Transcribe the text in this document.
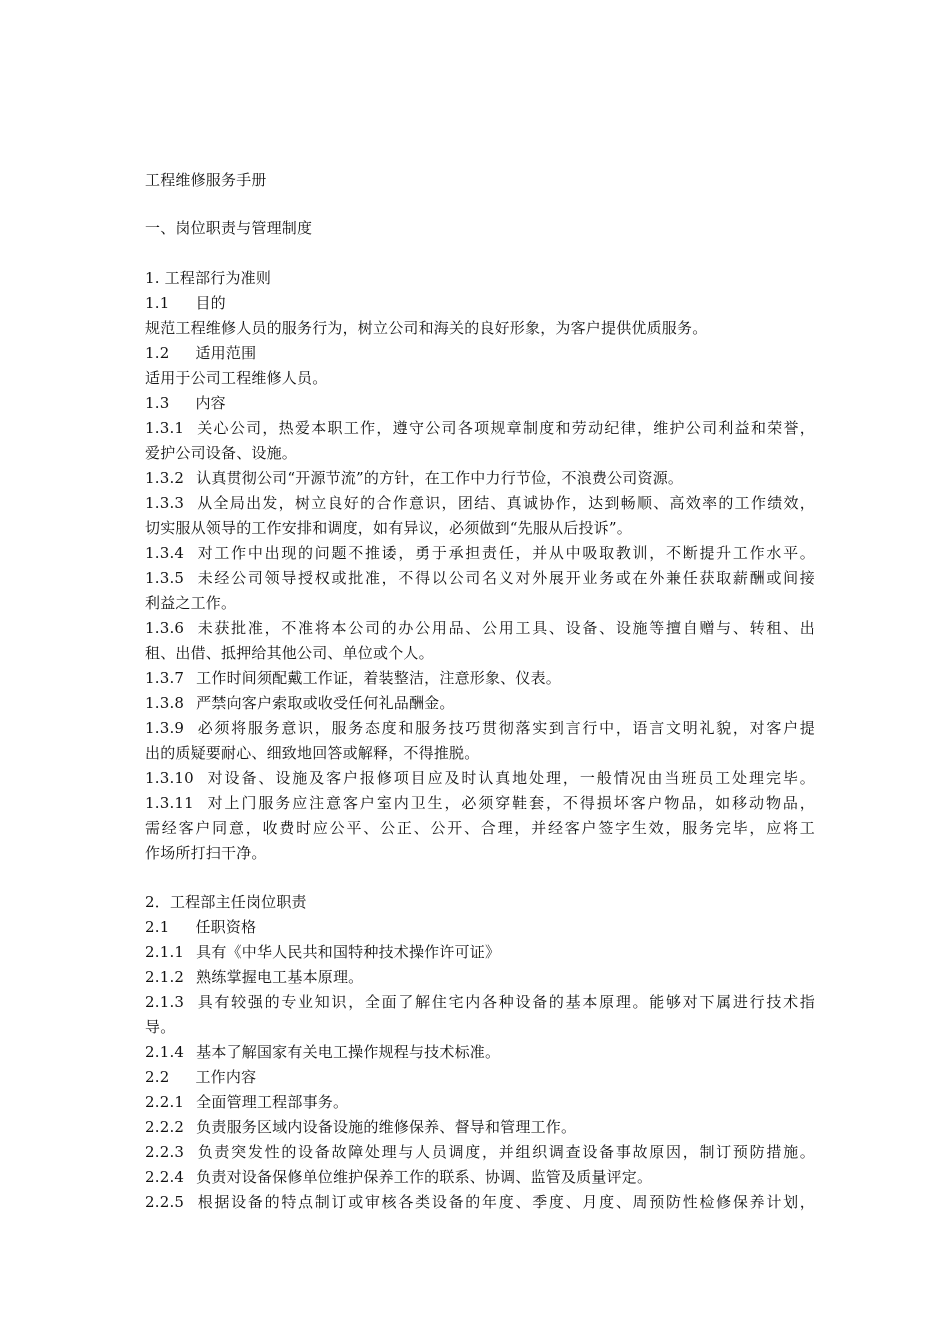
工程维修服务手册
一、岗位职责与管理制度
1. 工程部行为准则
1.1 目的
规范工程维修人员的服务行为，树立公司和海关的良好形象，为客户提供优质服务。
1.2 适用范围
适用于公司工程维修人员。
1.3 内容
1.3.1 关心公司，热爱本职工作，遵守公司各项规章制度和劳动纪律，维护公司利益和荣誉，
爱护公司设备、设施。
1.3.2 认真贯彻公司“开源节流”的方针，在工作中力行节俭，不浪费公司资源。
1.3.3 从全局出发，树立良好的合作意识，团结、真诚协作，达到畅顺、高效率的工作绩效，
切实服从领导的工作安排和调度，如有异议，必须做到“先服从后投诉”。
1.3.4 对工作中出现的问题不推诿，勇于承担责任，并从中吸取教训，不断提升工作水平。
1.3.5 未经公司领导授权或批准，不得以公司名义对外展开业务或在外兼任获取薪酬或间接
利益之工作。
1.3.6 未获批准，不准将本公司的办公用品、公用工具、设备、设施等擅自赠与、转租、出
租、出借、抵押给其他公司、单位或个人。
1.3.7 工作时间须配戴工作证，着装整洁，注意形象、仪表。
1.3.8 严禁向客户索取或收受任何礼品酬金。
1.3.9 必须将服务意识，服务态度和服务技巧贯彻落实到言行中，语言文明礼貌，对客户提
出的质疑要耐心、细致地回答或解释，不得推脱。
1.3.10 对设备、设施及客户报修项目应及时认真地处理，一般情况由当班员工处理完毕。
1.3.11 对上门服务应注意客户室内卫生，必须穿鞋套，不得损坏客户物品，如移动物品，
需经客户同意，收费时应公平、公正、公开、合理，并经客户签字生效，服务完毕，应将工
作场所打扫干净。
2．工程部主任岗位职责
2.1 任职资格
2.1.1 具有《中华人民共和国特种技术操作许可证》
2.1.2 熟练掌握电工基本原理。
2.1.3 具有较强的专业知识，全面了解住宅内各种设备的基本原理。能够对下属进行技术指
导。
2.1.4 基本了解国家有关电工操作规程与技术标准。
2.2 工作内容
2.2.1 全面管理工程部事务。
2.2.2 负责服务区域内设备设施的维修保养、督导和管理工作。
2.2.3 负责突发性的设备故障处理与人员调度，并组织调查设备事故原因，制订预防措施。
2.2.4 负责对设备保修单位维护保养工作的联系、协调、监管及质量评定。
2.2.5 根据设备的特点制订或审核各类设备的年度、季度、月度、周预防性检修保养计划，
